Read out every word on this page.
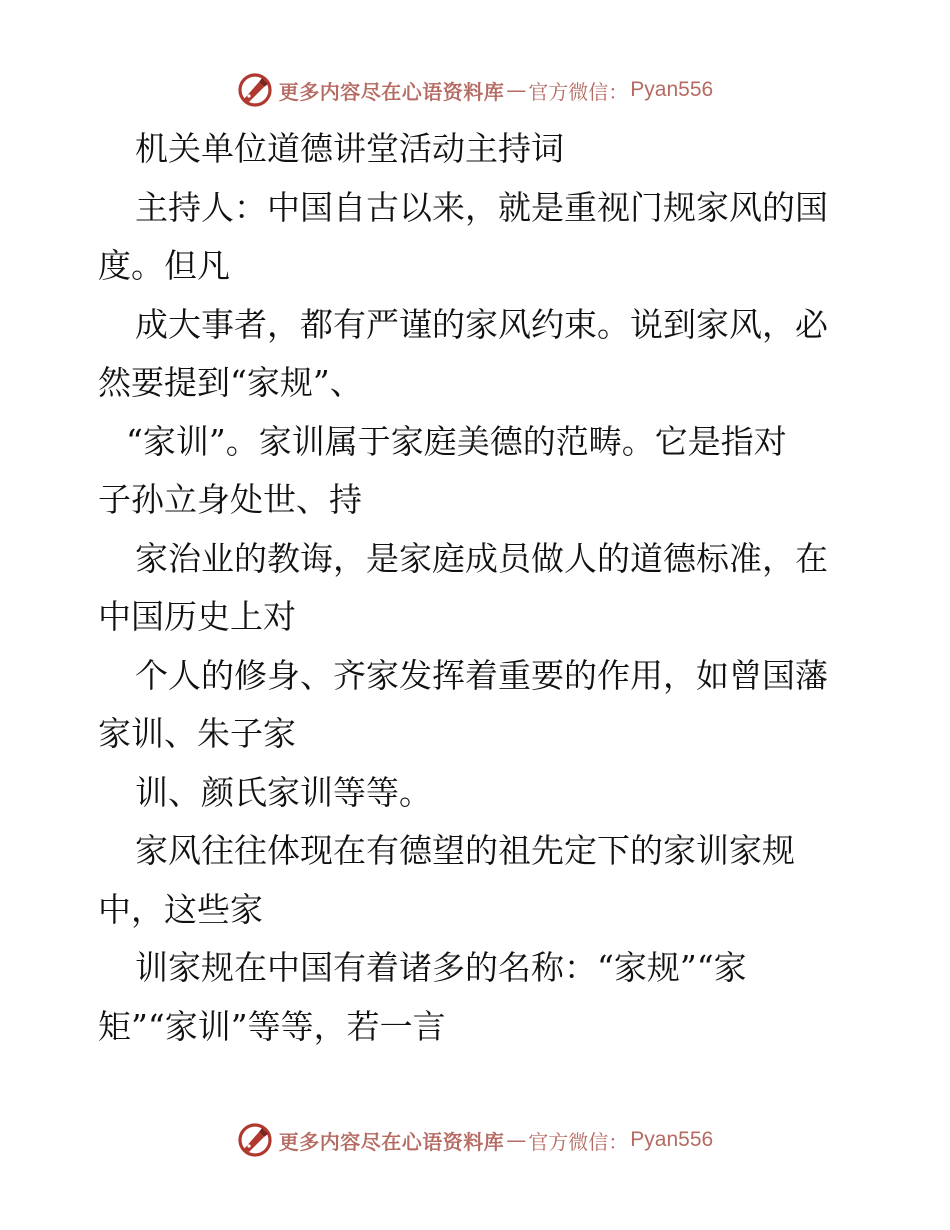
更多内容尽在心语资料库 — 官方微信： Pyan556
机关单位道德讲堂活动主持词
主持人：中国自古以来，就是重视门规家风的国
度。但凡
成大事者，都有严谨的家风约束。说到家风，必
然要提到“家规”、
“家训”。家训属于家庭美德的范畴。它是指对
子孙立身处世、持
家治业的教诲，是家庭成员做人的道德标准，在
中国历史上对
个人的修身、齐家发挥着重要的作用，如曾国藩
家训、朱子家
训、颜氏家训等等。
家风往往体现在有德望的祖先定下的家训家规
中，这些家
训家规在中国有着诸多的名称：“家规”“家
矩”“家训”等等，若一言
更多内容尽在心语资料库 — 官方微信： Pyan556
